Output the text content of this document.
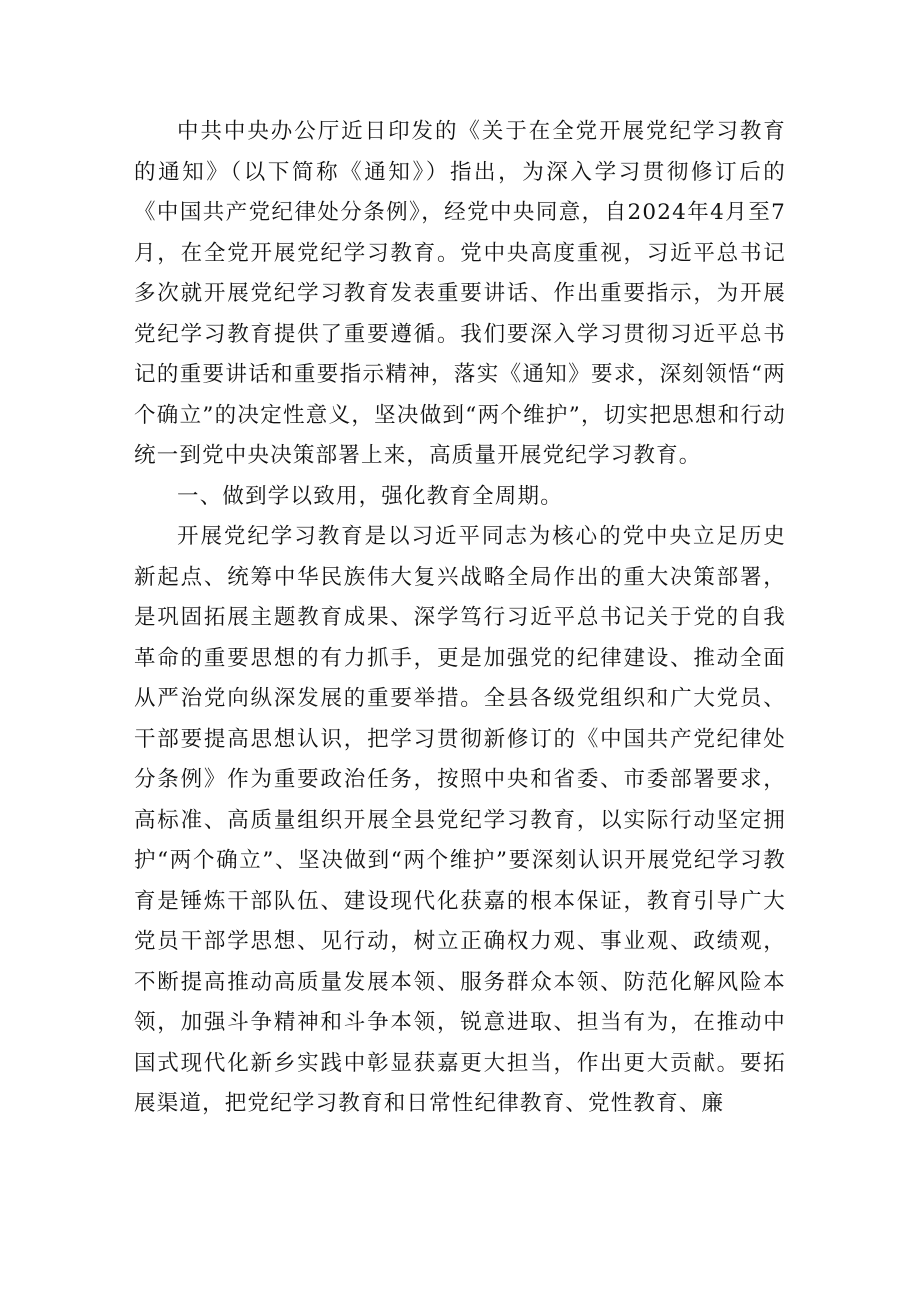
中共中央办公厅近日印发的《关于在全党开展党纪学习教育的通知》（以下简称《通知》）指出，为深入学习贯彻修订后的《中国共产党纪律处分条例》，经党中央同意，自2024年4月至7月，在全党开展党纪学习教育。党中央高度重视，习近平总书记多次就开展党纪学习教育发表重要讲话、作出重要指示，为开展党纪学习教育提供了重要遵循。我们要深入学习贯彻习近平总书记的重要讲话和重要指示精神，落实《通知》要求，深刻领悟“两个确立”的决定性意义，坚决做到“两个维护”，切实把思想和行动统一到党中央决策部署上来，高质量开展党纪学习教育。

一、做到学以致用，强化教育全周期。

开展党纪学习教育是以习近平同志为核心的党中央立足历史新起点、统筹中华民族伟大复兴战略全局作出的重大决策部署，是巩固拓展主题教育成果、深学笃行习近平总书记关于党的自我革命的重要思想的有力抓手，更是加强党的纪律建设、推动全面从严治党向纵深发展的重要举措。全县各级党组织和广大党员、干部要提高思想认识，把学习贯彻新修订的《中国共产党纪律处分条例》作为重要政治任务，按照中央和省委、市委部署要求，高标准、高质量组织开展全县党纪学习教育，以实际行动坚定拥护“两个确立”、坚决做到“两个维护”要深刻认识开展党纪学习教育是锤炼干部队伍、建设现代化获嘉的根本保证，教育引导广大党员干部学思想、见行动，树立正确权力观、事业观、政绩观，不断提高推动高质量发展本领、服务群众本领、防范化解风险本领，加强斗争精神和斗争本领，锐意进取、担当有为，在推动中国式现代化新乡实践中彰显获嘉更大担当，作出更大贡献。要拓展渠道，把党纪学习教育和日常性纪律教育、党性教育、廉
